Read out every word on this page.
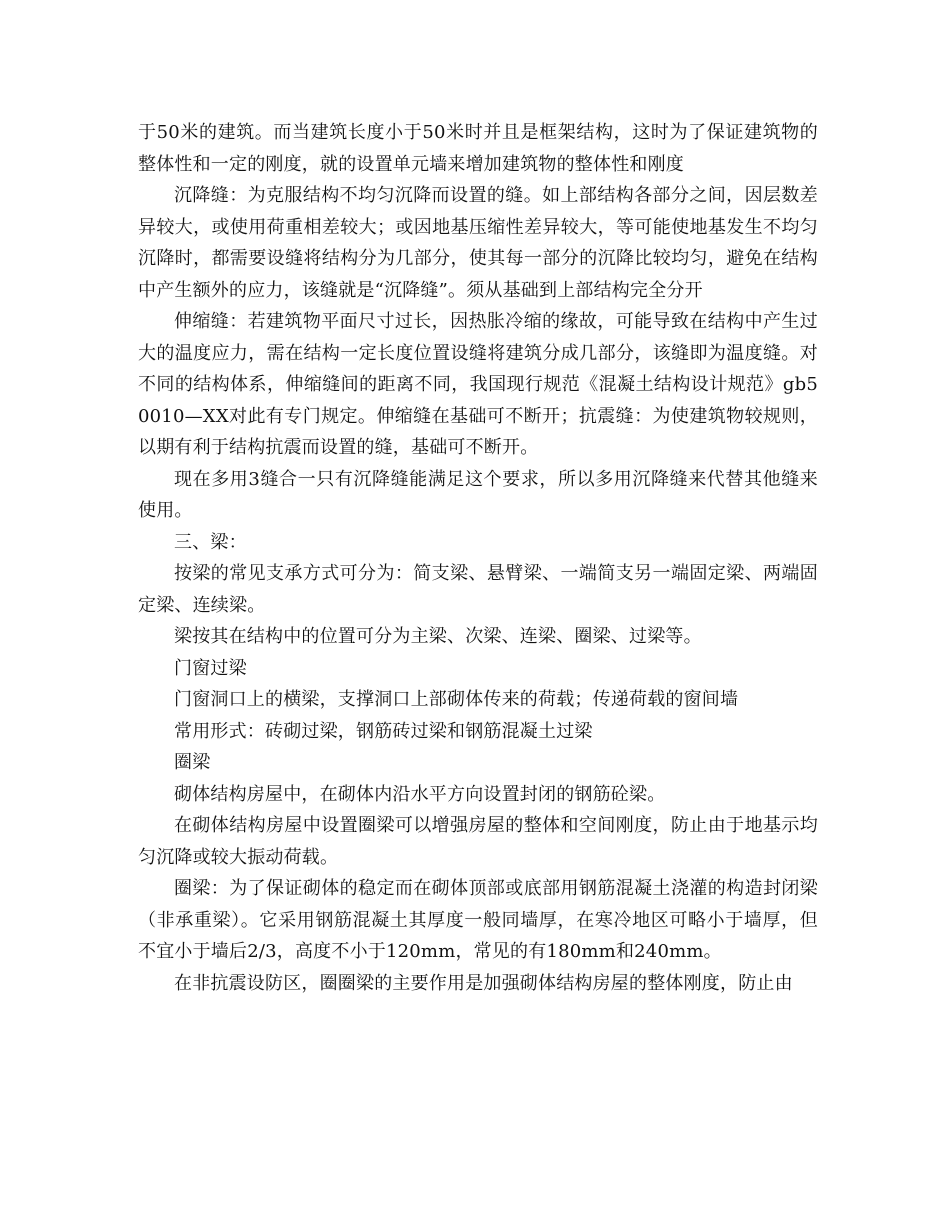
于50米的建筑。而当建筑长度小于50米时并且是框架结构，这时为了保证建筑物的整体性和一定的刚度，就的设置单元墙来增加建筑物的整体性和刚度

沉降缝：为克服结构不均匀沉降而设置的缝。如上部结构各部分之间，因层数差异较大，或使用荷重相差较大；或因地基压缩性差异较大，等可能使地基发生不均匀沉降时，都需要设缝将结构分为几部分，使其每一部分的沉降比较均匀，避免在结构中产生额外的应力，该缝就是“沉降缝”。须从基础到上部结构完全分开

伸缩缝：若建筑物平面尺寸过长，因热胀冷缩的缘故，可能导致在结构中产生过大的温度应力，需在结构一定长度位置设缝将建筑分成几部分，该缝即为温度缝。对不同的结构体系，伸缩缝间的距离不同，我国现行规范《混凝土结构设计规范》gb50010—XX对此有专门规定。伸缩缝在基础可不断开；抗震缝：为使建筑物较规则，以期有利于结构抗震而设置的缝，基础可不断开。

现在多用3缝合一只有沉降缝能满足这个要求，所以多用沉降缝来代替其他缝来使用。

三、梁：

按梁的常见支承方式可分为：简支梁、悬臂梁、一端简支另一端固定梁、两端固定梁、连续梁。

梁按其在结构中的位置可分为主梁、次梁、连梁、圈梁、过梁等。

门窗过梁

门窗洞口上的横梁，支撑洞口上部砌体传来的荷载；传递荷载的窗间墙

常用形式：砖砌过梁，钢筋砖过梁和钢筋混凝土过梁

圈梁

砌体结构房屋中，在砌体内沿水平方向设置封闭的钢筋砼梁。

在砌体结构房屋中设置圈梁可以增强房屋的整体和空间刚度，防止由于地基示均匀沉降或较大振动荷载。

圈梁：为了保证砌体的稳定而在砌体顶部或底部用钢筋混凝土浇灌的构造封闭梁（非承重梁）。它采用钢筋混凝土其厚度一般同墙厚，在寒冷地区可略小于墙厚，但不宜小于墙后2/3，高度不小于120mm，常见的有180mm和240mm。

在非抗震设防区，圈圈梁的主要作用是加强砌体结构房屋的整体刚度，防止由
